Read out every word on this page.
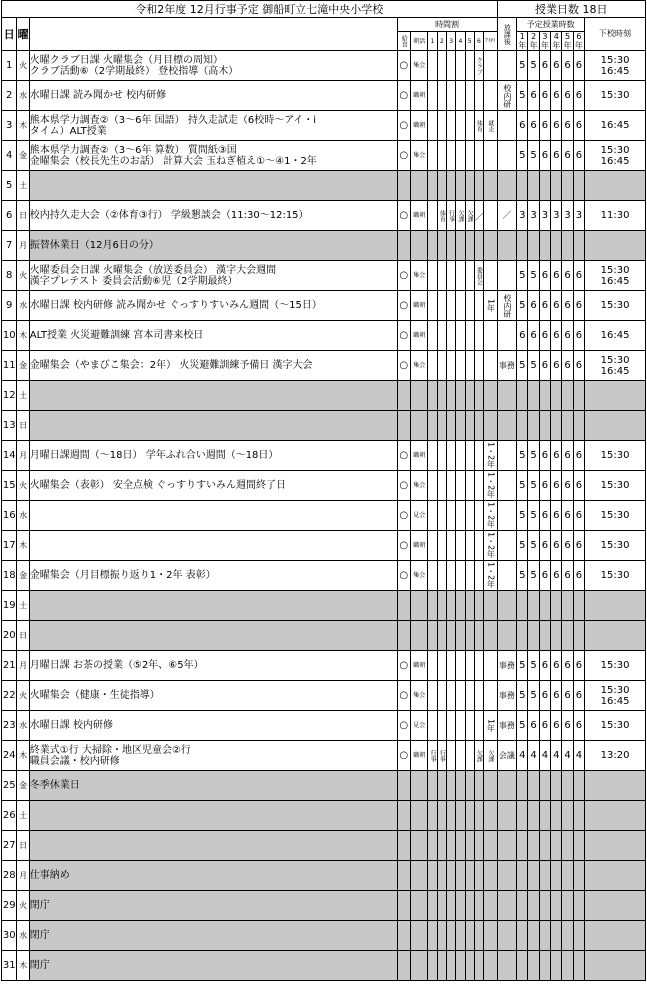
令和2年度 12月行事予定 御船町立七滝中央小学校												授業日数 18日							
日	曜		時間割									放課後	予定授業時数						下校時刻
			給食	朝活	1	2	3	4	5	6	ｱｲﾀｲ		1年	2年	3年	4年	5年	6年	

1	火	火曜クラブ日課 火曜集会（月目標の周知）
クラブ活動⑥（2学期最終） 登校指導（高木）	○	集会						クラブ			5	5	6	6	6	6	15:30
16:45

2	水	水曜日課 読み聞かせ 校内研修	○	職朝								校内研	5	6	6	6	6	6	15:30

3	木	熊本県学力調査②（3～6年 国語） 持久走試走（6校時～アイ・i
タイム）ALT授業	○	職朝						体育	就走		6	6	6	6	6	6	16:45

4	金	熊本県学力調査②（3～6年 算数） 質問紙③国
金曜集会（校長先生のお話） 計算大会 玉ねぎ植え①～④1・2年	○	集会									5	5	6	6	6	6	15:30
16:45

5	土																		
6	日	校内持久走大会（②体育③行） 学級懇談会（11:30～12:15）	○	職朝		体育	行事	欠課	欠課	／		／	3	3	3	3	3	3	11:30

7	月	振替休業日（12月6日の分）																	

8	火	火曜委員会日課 火曜集会（放送委員会） 漢字大会週間
漢字プレテスト 委員会活動⑥児（2学期最終）	○	集会						委員会			5	5	6	6	6	6	15:30
16:45

9	水	水曜日課 校内研修 読み聞かせ ぐっすりすいみん週間（～15日）	○	職朝							1年	校内研	5	6	6	6	6	6	15:30

10	木	ALT授業 火災避難訓練 宮本司書来校日	○	職朝									6	6	6	6	6	6	16:45

11	金	金曜集会（やまびこ集会：2年） 火災避難訓練予備日 漢字大会	○	集会								事務	5	5	6	6	6	6	15:30
16:45

12	土																		
13	日																		
14	月	月曜日課週間（～18日） 学年ふれ合い週間（～18日）	○	職朝							1・2年		5	5	6	6	6	6	15:30

15	火	火曜集会（表彰） 安全点検 ぐっすりすいみん週間終了日	○	集会							1・2年		5	5	6	6	6	6	15:30

16	水		○	見会							1・2年		5	5	6	6	6	6	15:30

17	木		○	職朝							1・2年		5	5	6	6	6	6	15:30

18	金	金曜集会（月目標振り返り1・2年 表彰）	○	集会							1・2年		5	5	6	6	6	6	15:30

19	土																		
20	日																		
21	月	月曜日課 お茶の授業（⑤2年、⑥5年）	○	職朝								事務	5	5	6	6	6	6	15:30

22	火	火曜集会（健康・生徒指導）	○	集会								事務	5	5	6	6	6	6	15:30
16:45

23	水	水曜日課 校内研修	○	見会							1年	事務	5	6	6	6	6	6	15:30

24	木	終業式①行 大掃除・地区児童会②行
職員会議・校内研修	○	職朝	行事	行事				欠課	欠課	会議	4	4	4	4	4	4	13:20

25	金	冬季休業日																	

26	土																		
27	日																		
28	月	仕事納め																	

29	火	閉庁																	

30	水	閉庁																	

31	木	閉庁																	
